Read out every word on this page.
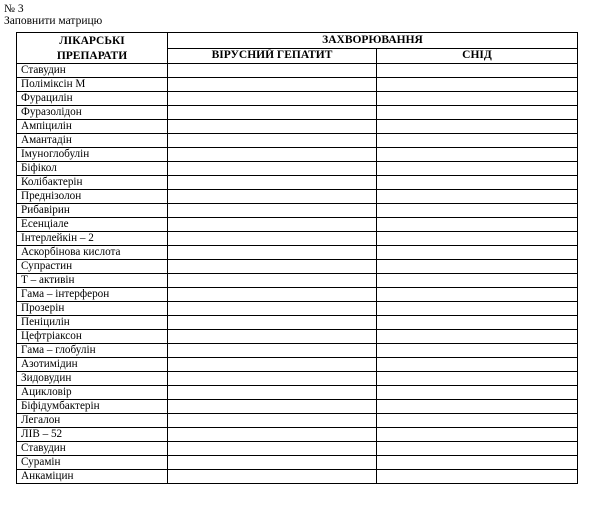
№ 3
Заповнити матрицю
ЛІКАРСЬКІ
ПРЕПАРАТИ	ЗАХВОРЮВАННЯ	
	ВІРУСНИЙ ГЕПАТИТ	СНІД
Ставудин		
Поліміксін М		
Фурацилін		
Фуразолідон		
Ампіцилін		
Амантадін		
Імуноглобулін		
Біфікол		
Колібактерін		
Преднізолон		
Рибавірин		
Есенціале		
Інтерлейкін – 2		
Аскорбінова кислота		
Супрастин		
Т – активін		
Гама – інтерферон		
Прозерін		
Пеніцилін		
Цефтріаксон		
Гама – глобулін		
Азотимідин		
Зидовудин		
Ацикловір		
Біфідумбактерін		
Легалон		
ЛІВ – 52		
Ставудин		
Сурамін		
Анкаміцин		
